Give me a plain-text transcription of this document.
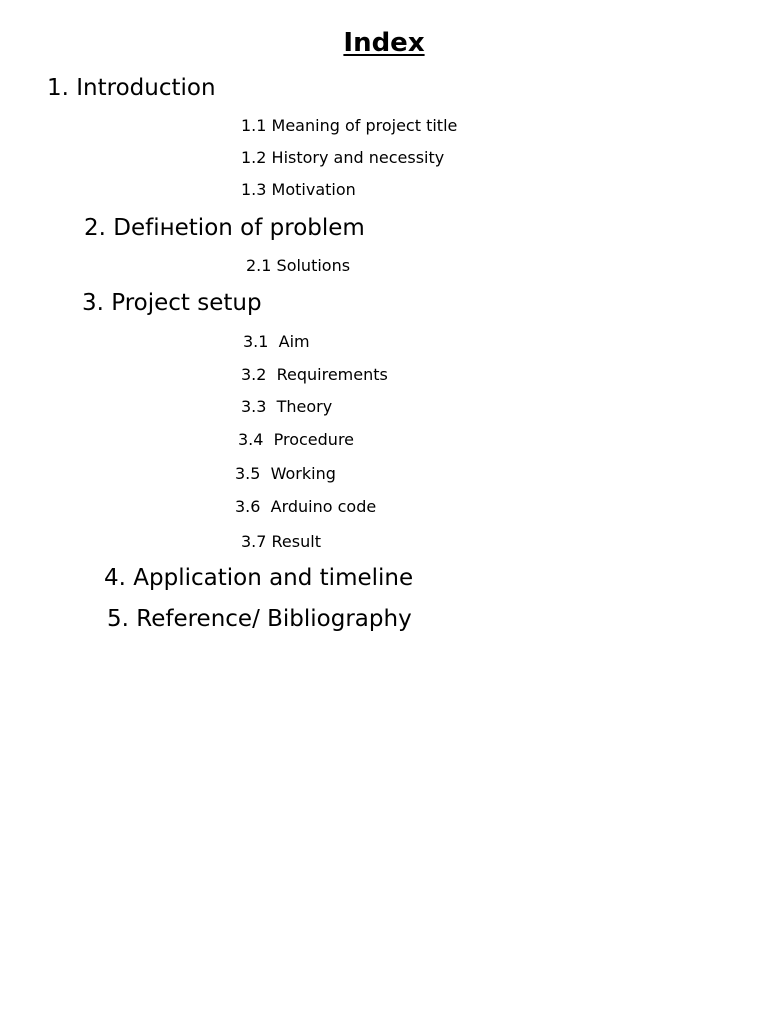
Index
1. Introduction
1.1 Meaning of project title
1.2 History and necessity
1.3 Motivation
2. Defінetion of problem
2.1 Solutions
3. Project setup
3.1  Aim
3.2  Requirements
3.3  Theory
3.4  Procedure
3.5  Working
3.6  Arduino code
3.7 Result
4. Application and timeline
5. Reference/ Bibliography
